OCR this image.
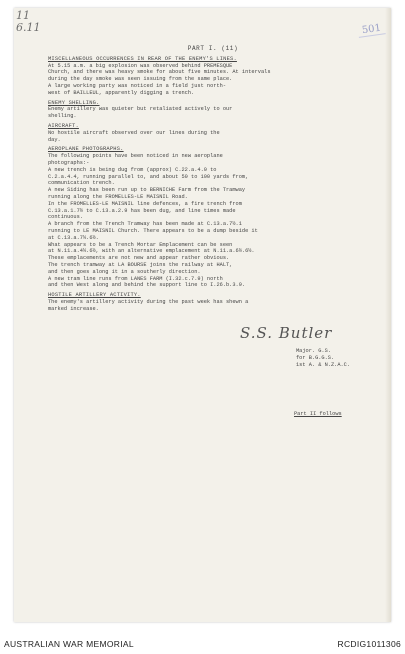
11
6.11	501
PART I. (11)
MISCELLANEOUS OCCURRENCES IN REAR OF THE ENEMY'S LINES.
At 5.15 a.m. a big explosion was observed behind PREMESQUE
Church, and there was heavy smoke for about five minutes. At intervals
during the day smoke was seen issuing from the same place.
A large working party was noticed in a field just north-
west of BAILLEUL, apparently digging a trench.
ENEMY SHELLING.
Enemy artillery was quieter but retaliated actively to our
shelling.
AIRCRAFT.
No hostile aircraft observed over our lines during the
day.
AEROPLANE PHOTOGRAPHS.
The following points have been noticed in new aeroplane
photographs:-
A new trench is being dug from (approx) C.22.a.4.0 to
C.2.a.4.4, running parallel to, and about 50 to 100 yards from,
communication trench.
A new Siding has been run up to BERNICHE Farm from the Tramway
running along the FROMELLES-LE MAISNIL Road.
In the FROMELLES-LE MAISNIL line defences, a fire trench from
C.13.a.1.7½ to C.13.a.2.9 has been dug, and line times made
continuous.
A branch from the Trench Tramway has been made at C.13.a.7½.1
running to LE MAISNIL Church. There appears to be a dump beside it
at C.13.a.7½.6½.
What appears to be a Trench Mortar Emplacement can be seen
at N.11.a.4½.6½, with an alternative emplacement at N.11.a.6½.6½.
These emplacements are not new and appear rather obvious.
The trench tramway at LA BOURSE joins the railway at HALT,
and then goes along it in a southerly direction.
A new tram line runs from LANES FARM (I.32.c.7.9) north
and then West along and behind the support line to I.26.b.3.9.
HOSTILE ARTILLERY ACTIVITY.
The enemy's artillery activity during the past week has shewn a
marked increase.
S.S. Butler
Major. G.S.
for B.G.G.S.
1st A. & N.Z.A.C.
Part II follows
AUSTRALIAN WAR MEMORIAL	RCDIG1011306
